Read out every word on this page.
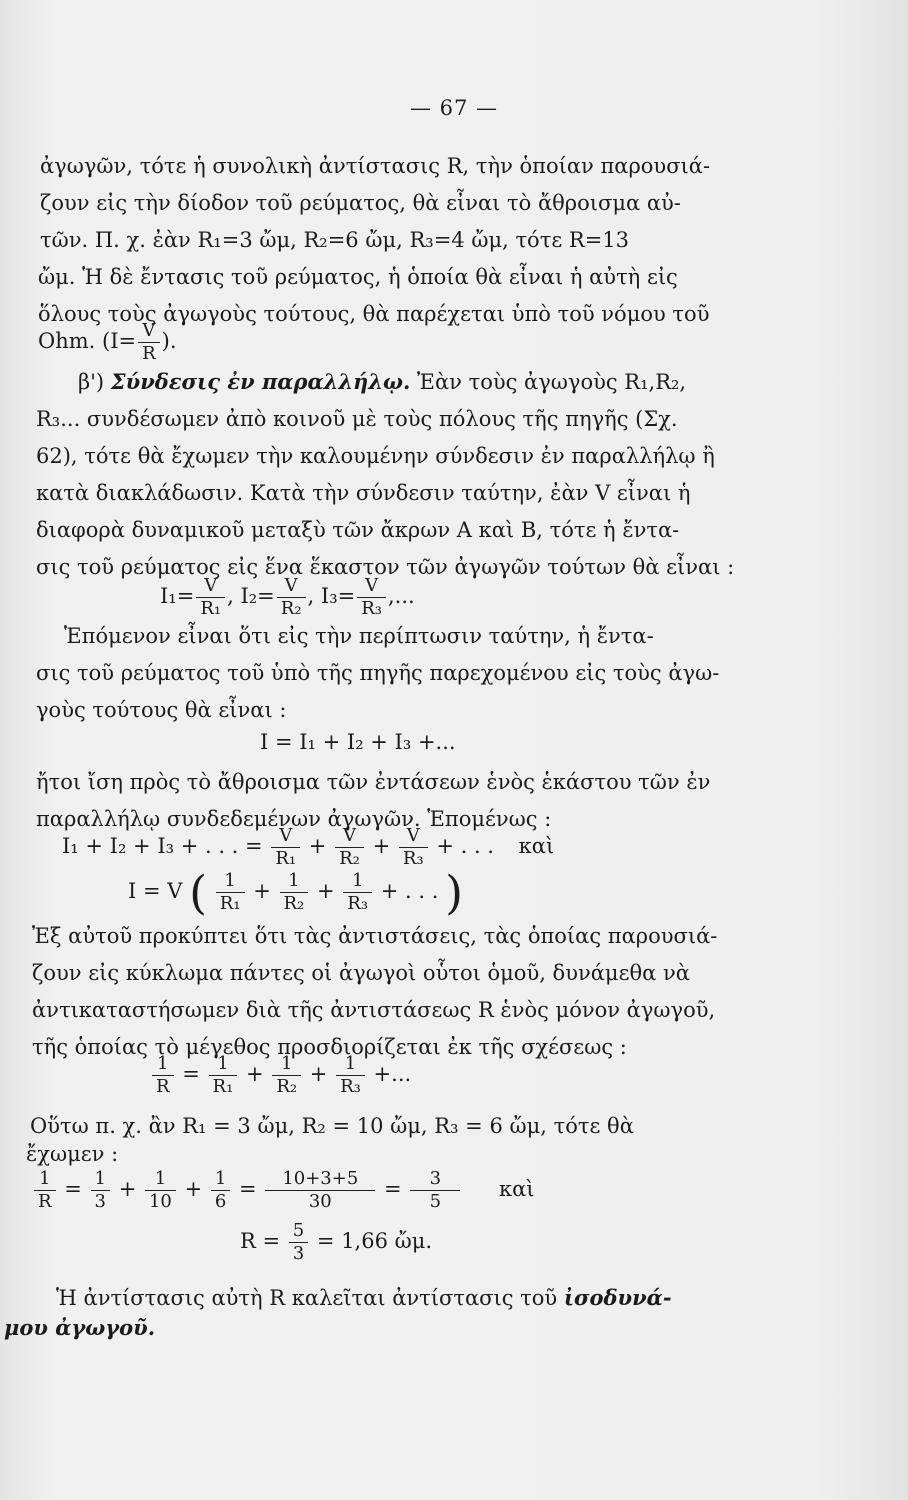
— 67 —
ἀγωγῶν, τότε ἡ συνολικὴ ἀντίστασις R, τὴν ὁποίαν παρουσιά-
ζουν εἰς τὴν δίοδον τοῦ ρεύματος, θὰ εἶναι τὸ ἄθροισμα αὐ-
τῶν. Π. χ. ἐὰν R₁=3 ὤμ, R₂=6 ὤμ, R₃=4 ὤμ, τότε R=13
ὤμ. Ἡ δὲ ἔντασις τοῦ ρεύματος, ἡ ὁποία θὰ εἶναι ἡ αὐτὴ εἰς
ὅλους τοὺς ἀγωγοὺς τούτους, θὰ παρέχεται ὑπὸ τοῦ νόμου τοῦ
Ohm. ($I= \frac{V}{R}$ ).
β') Σύνδεσις ἐν παραλλήλῳ. Ἐὰν τοὺς ἀγωγοὺς R₁,R₂,
R₃... συνδέσωμεν ἀπὸ κοινοῦ μὲ τοὺς πόλους τῆς πηγῆς (Σχ.
62), τότε θὰ ἔχωμεν τὴν καλουμένην σύνδεσιν ἐν παραλλήλῳ ἢ
κατὰ διακλάδωσιν. Κατὰ τὴν σύνδεσιν ταύτην, ἐὰν V εἶναι ἡ
διαφορὰ δυναμικοῦ μεταξὺ τῶν ἄκρων Α καὶ Β, τότε ἡ ἔντα-
σις τοῦ ρεύματος εἰς ἕνα ἕκαστον τῶν ἀγωγῶν τούτων θὰ εἶναι :
$I_1= \frac{V}{\text{R₁}}$ , $I_2= \frac{V}{\text{R₂}}$ , $I_3= \frac{V}{\text{R₃}}$ ,...
Ἑπόμενον εἶναι ὅτι εἰς τὴν περίπτωσιν ταύτην, ἡ ἔντα-
σις τοῦ ρεύματος τοῦ ὑπὸ τῆς πηγῆς παρεχομένου εἰς τοὺς ἀγω-
γοὺς τούτους θὰ εἶναι :
I = I₁ + I₂ + I₃ +...
ἤτοι ἴση πρὸς τὸ ἄθροισμα τῶν ἐντάσεων ἑνὸς ἑκάστου τῶν ἐν
παραλλήλῳ συνδεδεμένων ἀγωγῶν. Ἑπομένως :
I₁ + I₂ + I₃ + . . . = $\frac{V}{\text{R₁}} + \frac{V}{\text{R₂}} + \frac{V}{\text{R₃}}$ + . . . καὶ
I = V ( $\frac{1}{\text{R₁}} + \frac{1}{\text{R₂}} + \frac{1}{\text{R₃}}$ + . . . )
Ἐξ αὐτοῦ προκύπτει ὅτι τὰς ἀντιστάσεις, τὰς ὁποίας παρουσιά-
ζουν εἰς κύκλωμα πάντες οἱ ἀγωγοὶ οὗτοι ὁμοῦ, δυνάμεθα νὰ
ἀντικαταστήσωμεν διὰ τῆς ἀντιστάσεως R ἑνὸς μόνον ἀγωγοῦ,
τῆς ὁποίας τὸ μέγεθος προσδιορίζεται ἐκ τῆς σχέσεως :
$\frac{1}{R} = \frac{1}{\text{R₁}} + \frac{1}{\text{R₂}} + \frac{1}{\text{R₃}}$ +...
Οὕτω π. χ. ἂν R₁ = 3 ὤμ, R₂ = 10 ὤμ, R₃ = 6 ὤμ, τότε θὰ
ἔχωμεν :
$\frac{1}{R} = \frac{1}{3} + \frac{1}{10} + \frac{1}{6} = \frac{10+3+5}{30} = \frac{3}{5}$ καὶ
$R = \frac{5}{3} = 1,66$ ὤμ.
Ἡ ἀντίστασις αὐτὴ R καλεῖται ἀντίστασις τοῦ ἰσοδυνά-
μου ἀγωγοῦ.
